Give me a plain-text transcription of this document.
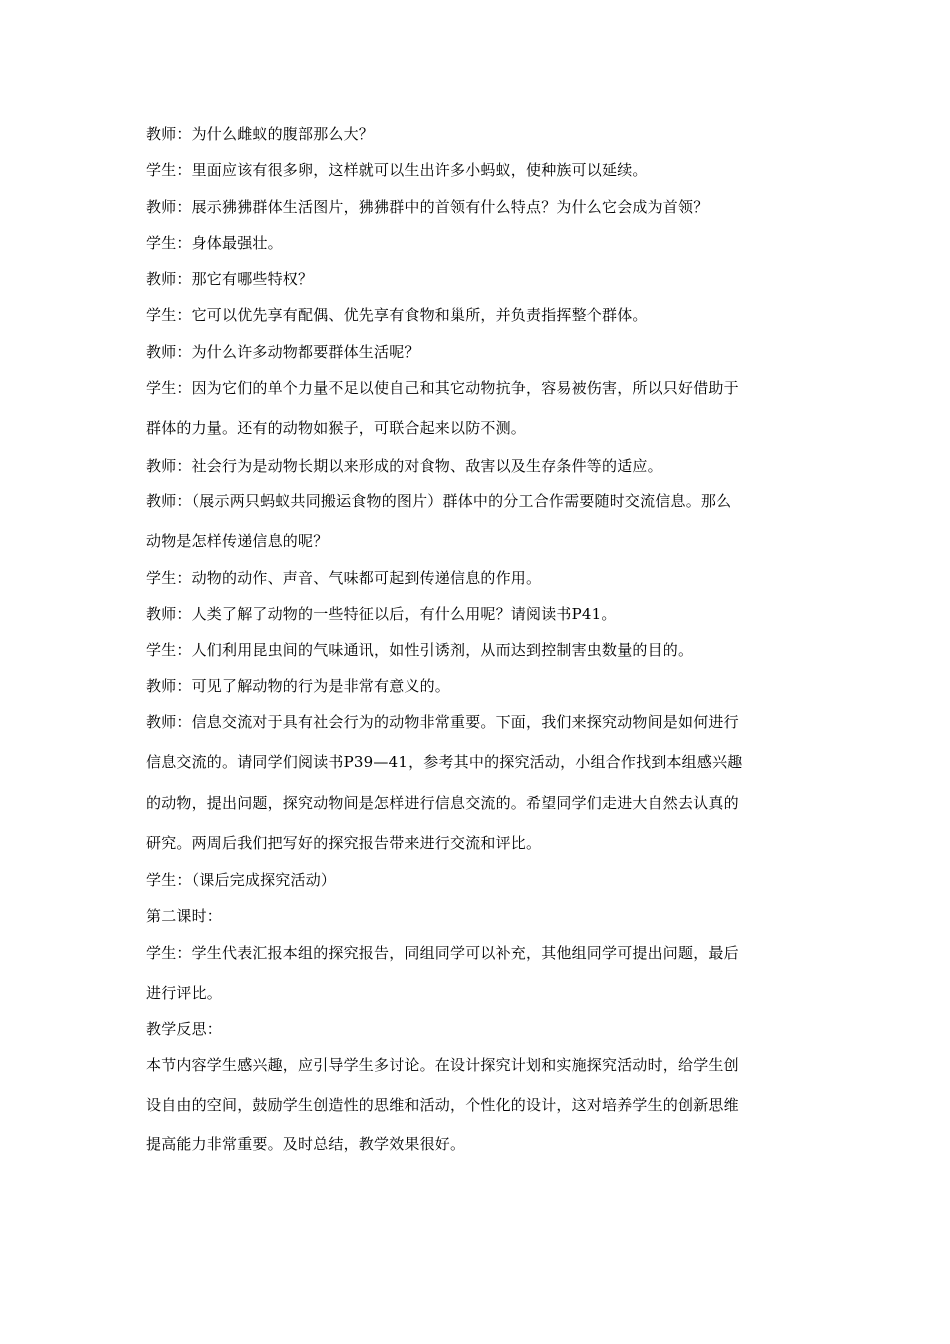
教师：为什么雌蚁的腹部那么大？
学生：里面应该有很多卵，这样就可以生出许多小蚂蚁，使种族可以延续。
教师：展示狒狒群体生活图片，狒狒群中的首领有什么特点？为什么它会成为首领？
学生：身体最强壮。
教师：那它有哪些特权？
学生：它可以优先享有配偶、优先享有食物和巢所，并负责指挥整个群体。
教师：为什么许多动物都要群体生活呢？
学生：因为它们的单个力量不足以使自己和其它动物抗争，容易被伤害，所以只好借助于
群体的力量。还有的动物如猴子，可联合起来以防不测。
教师：社会行为是动物长期以来形成的对食物、敌害以及生存条件等的适应。
教师：（展示两只蚂蚁共同搬运食物的图片）群体中的分工合作需要随时交流信息。那么
动物是怎样传递信息的呢？
学生：动物的动作、声音、气味都可起到传递信息的作用。
教师：人类了解了动物的一些特征以后，有什么用呢？请阅读书P41。
学生：人们利用昆虫间的气味通讯，如性引诱剂，从而达到控制害虫数量的目的。
教师：可见了解动物的行为是非常有意义的。
教师：信息交流对于具有社会行为的动物非常重要。下面，我们来探究动物间是如何进行
信息交流的。请同学们阅读书P39—41，参考其中的探究活动，小组合作找到本组感兴趣
的动物，提出问题，探究动物间是怎样进行信息交流的。希望同学们走进大自然去认真的
研究。两周后我们把写好的探究报告带来进行交流和评比。
学生：（课后完成探究活动）
第二课时：
学生：学生代表汇报本组的探究报告，同组同学可以补充，其他组同学可提出问题，最后
进行评比。
教学反思：
本节内容学生感兴趣，应引导学生多讨论。在设计探究计划和实施探究活动时，给学生创
设自由的空间，鼓励学生创造性的思维和活动，个性化的设计，这对培养学生的创新思维
提高能力非常重要。及时总结，教学效果很好。
